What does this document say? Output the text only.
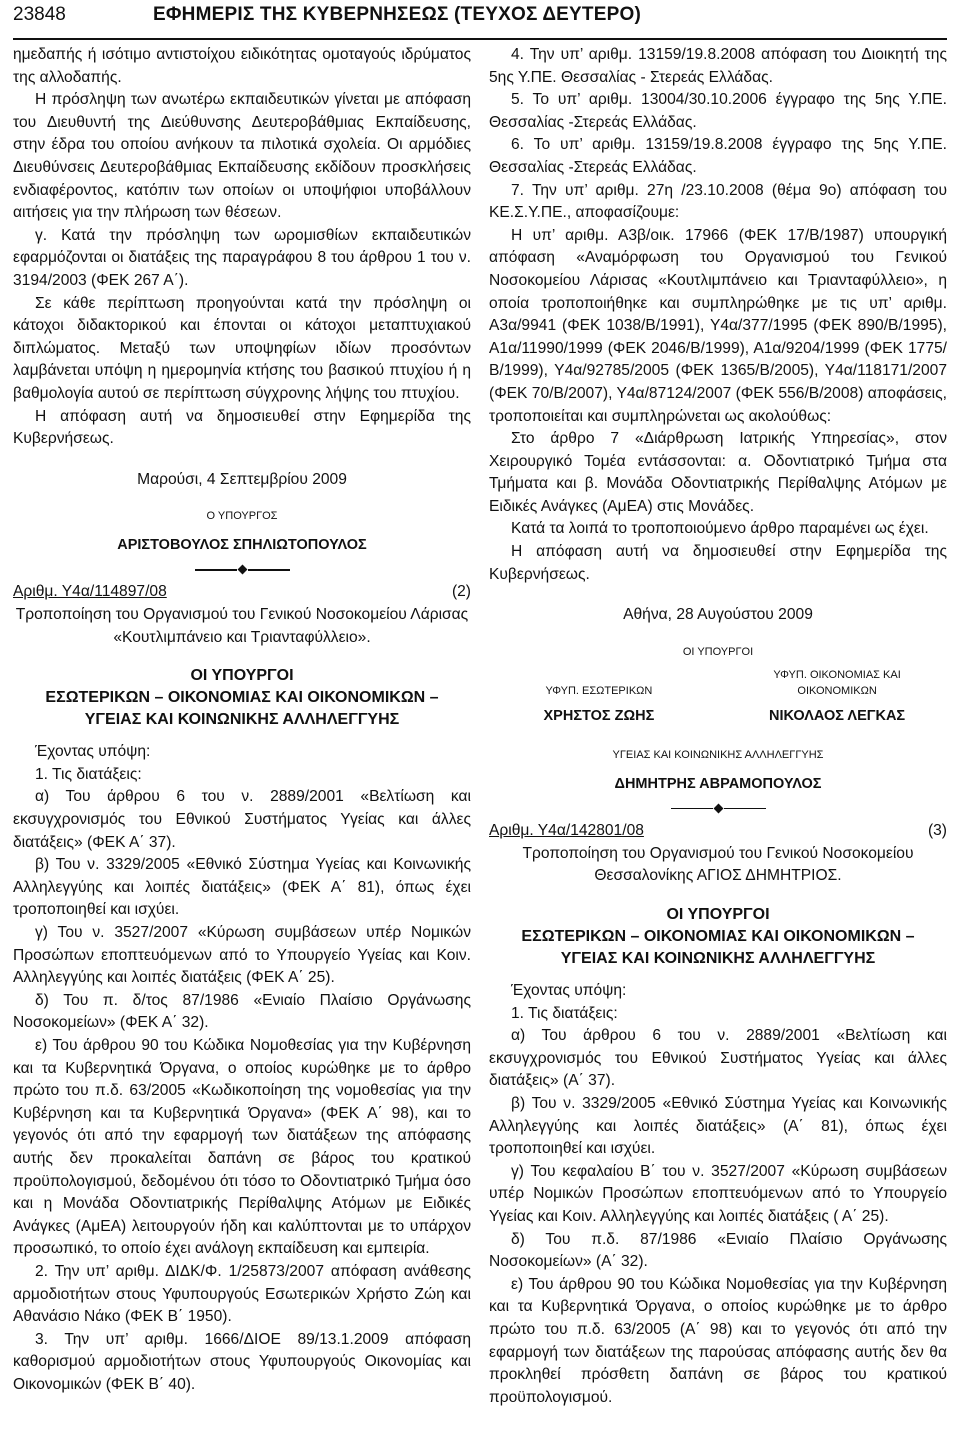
23848	ΕΦΗΜΕΡΙΣ ΤΗΣ ΚΥΒΕΡΝΗΣΕΩΣ (ΤΕΥΧΟΣ ΔΕΥΤΕΡΟ)

ημεδαπής ή ισότιμο αντιστοίχου ειδικότητας ομοταγούς ιδρύματος της αλλοδαπής.

Η πρόσληψη των ανωτέρω εκπαιδευτικών γίνεται με απόφαση του Διευθυντή της Διεύθυνσης Δευτεροβάθμιας Εκπαίδευσης, στην έδρα του οποίου ανήκουν τα πιλοτικά σχολεία. Οι αρμόδιες Διευθύνσεις Δευτεροβάθμιας Εκπαίδευσης εκδίδουν προσκλήσεις ενδιαφέροντος, κατόπιν των οποίων οι υποψήφιοι υποβάλλουν αιτήσεις για την πλήρωση των θέσεων.

γ. Κατά την πρόσληψη των ωρομισθίων εκπαιδευτικών εφαρμόζονται οι διατάξεις της παραγράφου 8 του άρθρου 1 του ν. 3194/2003 (ΦΕΚ 267 Α΄).

Σε κάθε περίπτωση προηγούνται κατά την πρόσληψη οι κάτοχοι διδακτορικού και έπονται οι κάτοχοι μεταπτυχιακού διπλώματος. Μεταξύ των υποψηφίων ιδίων προσόντων λαμβάνεται υπόψη η ημερομηνία κτήσης του βασικού πτυχίου ή η βαθμολογία αυτού σε περίπτωση σύγχρονης λήψης του πτυχίου.

Η απόφαση αυτή να δημοσιευθεί στην Εφημερίδα της Κυβερνήσεως.

Μαρούσι, 4 Σεπτεμβρίου 2009
Ο ΥΠΟΥΡΓΟΣ
ΑΡΙΣΤΟΒΟΥΛΟΣ ΣΠΗΛΙΩΤΟΠΟΥΛΟΣ
Αριθμ. Υ4α/114897/08	(2)

Τροποποίηση του Οργανισμού του Γενικού Νοσοκομείου Λάρισας «Κουτλιμπάνειο και Τριανταφύλλειο».

ΟΙ ΥΠΟΥΡΓΟΙ
ΕΣΩΤΕΡΙΚΩΝ – ΟΙΚΟΝΟΜΙΑΣ ΚΑΙ ΟΙΚΟΝΟΜΙΚΩΝ –
ΥΓΕΙΑΣ ΚΑΙ ΚΟΙΝΩΝΙΚΗΣ ΑΛΛΗΛΕΓΓΥΗΣ

Έχοντας υπόψη:

1. Τις διατάξεις:

α) Του άρθρου 6 του ν. 2889/2001 «Βελτίωση και εκσυγχρονισμός του Εθνικού Συστήματος Υγείας και άλλες διατάξεις» (ΦΕΚ Α΄ 37).

β) Του ν. 3329/2005 «Εθνικό Σύστημα Υγείας και Κοινωνικής Αλληλεγγύης και λοιπές διατάξεις» (ΦΕΚ Α΄ 81), όπως έχει τροποποιηθεί και ισχύει.

γ) Του ν. 3527/2007 «Κύρωση συμβάσεων υπέρ Νομικών Προσώπων εποπτευόμενων από το Υπουργείο Υγείας και Κοιν. Αλληλεγγύης και λοιπές διατάξεις (ΦΕΚ Α΄ 25).

δ) Του π. δ/τος 87/1986 «Ενιαίο Πλαίσιο Οργάνωσης Νοσοκομείων» (ΦΕΚ Α΄ 32).

ε) Του άρθρου 90 του Κώδικα Νομοθεσίας για την Κυβέρνηση και τα Κυβερνητικά Όργανα, ο οποίος κυρώθηκε με το άρθρο πρώτο του π.δ. 63/2005 «Κωδικοποίηση της νομοθεσίας για την Κυβέρνηση και τα Κυβερνητικά Όργανα» (ΦΕΚ Α΄ 98), και το γεγονός ότι από την εφαρμογή των διατάξεων της απόφασης αυτής δεν προκαλείται δαπάνη σε βάρος του κρατικού προϋπολογισμού, δεδομένου ότι τόσο το Οδοντιατρικό Τμήμα όσο και η Μονάδα Οδοντιατρικής Περίθαλψης Ατόμων με Ειδικές Ανάγκες (ΑμΕΑ) λειτουργούν ήδη και καλύπτονται με το υπάρχον προσωπικό, το οποίο έχει ανάλογη εκπαίδευση και εμπειρία.

2. Την υπ’ αριθμ. ΔΙΔΚ/Φ. 1/25873/2007 απόφαση ανάθεσης αρμοδιοτήτων στους Υφυπουργούς Εσωτερικών Χρήστο Ζώη και Αθανάσιο Νάκο (ΦΕΚ Β΄ 1950).

3. Την υπ’ αριθμ. 1666/ΔΙΟΕ 89/13.1.2009 απόφαση καθορισμού αρμοδιοτήτων στους Υφυπουργούς Οικονομίας και Οικονομικών (ΦΕΚ Β΄ 40).

4. Την υπ’ αριθμ. 13159/19.8.2008 απόφαση του Διοικητή της 5ης Υ.ΠΕ. Θεσσαλίας - Στερεάς Ελλάδας.

5. Το υπ’ αριθμ. 13004/30.10.2006 έγγραφο της 5ης Υ.ΠΕ. Θεσσαλίας -Στερεάς Ελλάδας.

6. Το υπ’ αριθμ. 13159/19.8.2008 έγγραφο της 5ης Υ.ΠΕ. Θεσσαλίας -Στερεάς Ελλάδας.

7. Την υπ’ αριθμ. 27η /23.10.2008 (θέμα 9ο) απόφαση του ΚΕ.Σ.Υ.ΠΕ., αποφασίζουμε:

Η υπ’ αριθμ. Α3β/οικ. 17966 (ΦΕΚ 17/Β/1987) υπουργική απόφαση «Αναμόρφωση του Οργανισμού του Γενικού Νοσοκομείου Λάρισας «Κουτλιμπάνειο και Τριανταφύλλειο», η οποία τροποποιήθηκε και συμπληρώθηκε με τις υπ’ αριθμ. Α3α/9941 (ΦΕΚ 1038/Β/1991), Υ4α/377/1995 (ΦΕΚ 890/Β/1995), Α1α/11990/1999 (ΦΕΚ 2046/Β/1999), Α1α/9204/1999 (ΦΕΚ 1775/Β/1999), Υ4α/92785/2005 (ΦΕΚ 1365/Β/2005), Υ4α/118171/2007 (ΦΕΚ 70/Β/2007), Υ4α/87124/2007 (ΦΕΚ 556/Β/2008) αποφάσεις, τροποποιείται και συμπληρώνεται ως ακολούθως:

Στο άρθρο 7 «Διάρθρωση Ιατρικής Υπηρεσίας», στον Χειρουργικό Τομέα εντάσσονται: α. Οδοντιατρικό Τμήμα στα Τμήματα και β. Μονάδα Οδοντιατρικής Περίθαλψης Ατόμων με Ειδικές Ανάγκες (ΑμΕΑ) στις Μονάδες.

Κατά τα λοιπά το τροποποιούμενο άρθρο παραμένει ως έχει.

Η απόφαση αυτή να δημοσιευθεί στην Εφημερίδα της Κυβερνήσεως.

Αθήνα, 28 Αυγούστου 2009
ΟΙ ΥΠΟΥΡΓΟΙ
ΥΦΥΠ. ΕΣΩΤΕΡΙΚΩΝ
ΧΡΗΣΤΟΣ ΖΩΗΣ
ΥΦΥΠ. ΟΙΚΟΝΟΜΙΑΣ ΚΑΙ
ΟΙΚΟΝΟΜΙΚΩΝ
ΝΙΚΟΛΑΟΣ ΛΕΓΚΑΣ
ΥΓΕΙΑΣ ΚΑΙ ΚΟΙΝΩΝΙΚΗΣ ΑΛΛΗΛΕΓΓΥΗΣ
ΔΗΜΗΤΡΗΣ ΑΒΡΑΜΟΠΟΥΛΟΣ
Αριθμ. Υ4α/142801/08	(3)

Τροποποίηση του Οργανισμού του Γενικού Νοσοκομείου Θεσσαλονίκης ΑΓΙΟΣ ΔΗΜΗΤΡΙΟΣ.

ΟΙ ΥΠΟΥΡΓΟΙ
ΕΣΩΤΕΡΙΚΩΝ – ΟΙΚΟΝΟΜΙΑΣ ΚΑΙ ΟΙΚΟΝΟΜΙΚΩΝ –
ΥΓΕΙΑΣ ΚΑΙ ΚΟΙΝΩΝΙΚΗΣ ΑΛΛΗΛΕΓΓΥΗΣ

Έχοντας υπόψη:

1. Τις διατάξεις:

α) Του άρθρου 6 του ν. 2889/2001 «Βελτίωση και εκσυγχρονισμός του Εθνικού Συστήματος Υγείας και άλλες διατάξεις» (Α΄ 37).

β) Του ν. 3329/2005 «Εθνικό Σύστημα Υγείας και Κοινωνικής Αλληλεγγύης και λοιπές διατάξεις» (Α΄ 81), όπως έχει τροποποιηθεί και ισχύει.

γ) Του κεφαλαίου Β΄ του ν. 3527/2007 «Κύρωση συμβάσεων υπέρ Νομικών Προσώπων εποπτευόμενων από το Υπουργείο Υγείας και Κοιν. Αλληλεγγύης και λοιπές διατάξεις ( Α΄ 25).

δ) Του π.δ. 87/1986 «Ενιαίο Πλαίσιο Οργάνωσης Νοσοκομείων» (Α΄ 32).

ε) Του άρθρου 90 του Κώδικα Νομοθεσίας για την Κυβέρνηση και τα Κυβερνητικά Όργανα, ο οποίος κυρώθηκε με το άρθρο πρώτο του π.δ. 63/2005 (Α΄ 98) και το γεγονός ότι από την εφαρμογή των διατάξεων της παρούσας απόφασης αυτής δεν θα προκληθεί πρόσθετη δαπάνη σε βάρος του κρατικού προϋπολογισμού.
